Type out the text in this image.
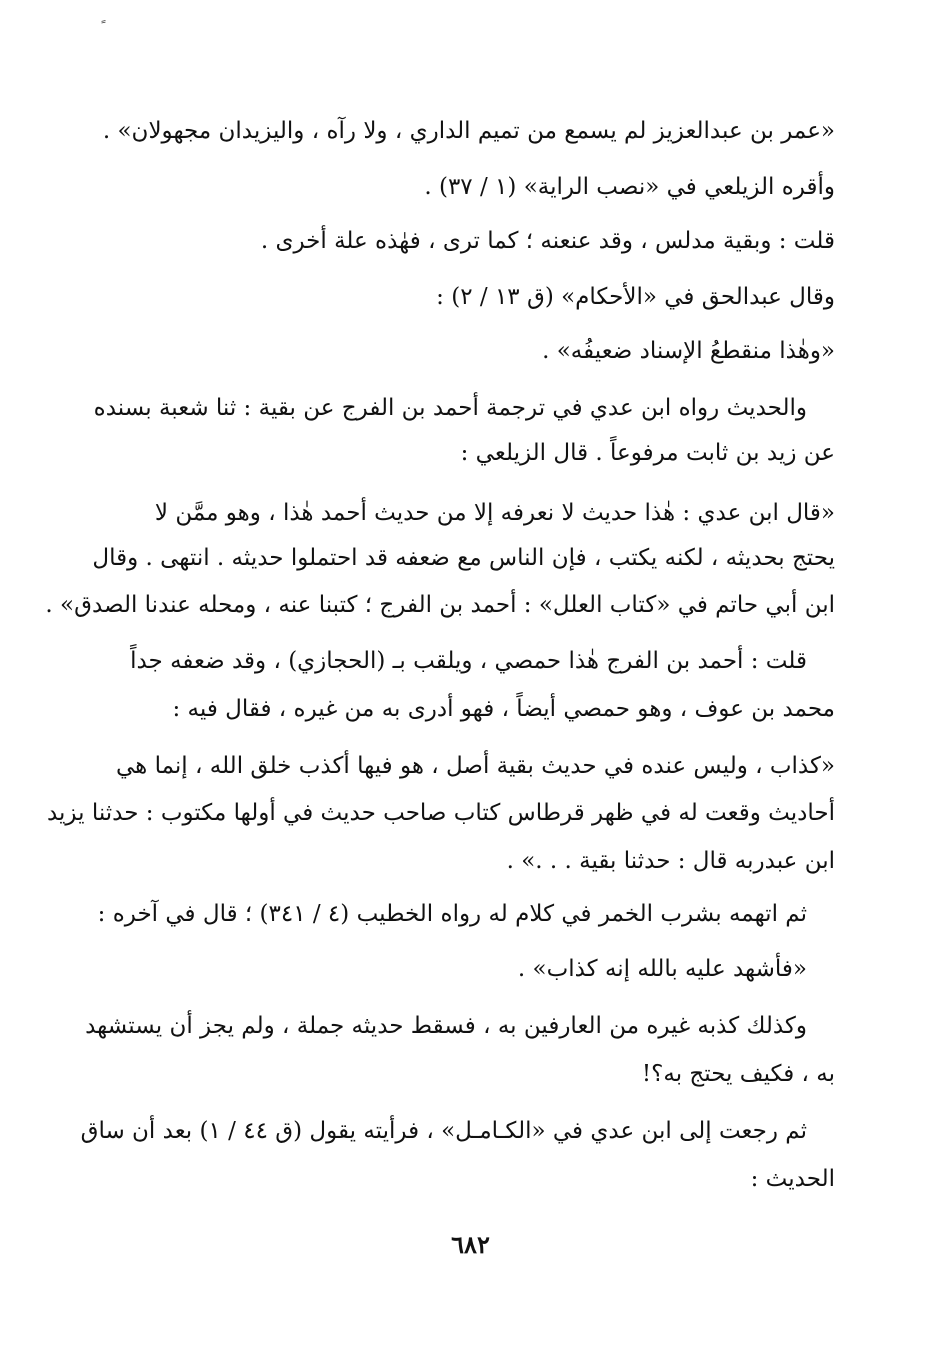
«عمر بن عبدالعزيز لم يسمع من تميم الداري ، ولا رآه ، واليزيدان مجهولان» .
وأقره الزيلعي في «نصب الراية» (١ / ٣٧) .
قلت : وبقية مدلس ، وقد عنعنه ؛ كما ترى ، فهٰذه علة أخرى .
وقال عبدالحق في «الأحكام» (ق ١٣ / ٢) :
«وهٰذا منقطعُ الإسناد ضعيفُه» .
والحديث رواه ابن عدي في ترجمة أحمد بن الفرج عن بقية : ثنا شعبة بسنده
عن زيد بن ثابت مرفوعاً . قال الزيلعي :
«قال ابن عدي : هٰذا حديث لا نعرفه إلا من حديث أحمد هٰذا ، وهو ممَّن لا
يحتج بحديثه ، لكنه يكتب ، فإن الناس مع ضعفه قد احتملوا حديثه . انتهى . وقال
ابن أبي حاتم في «كتاب العلل» : أحمد بن الفرج ؛ كتبنا عنه ، ومحله عندنا الصدق» .
قلت : أحمد بن الفرج هٰذا حمصي ، ويلقب بـ (الحجازي) ، وقد ضعفه جداً
محمد بن عوف ، وهو حمصي أيضاً ، فهو أدرى به من غيره ، فقال فيه :
«كذاب ، وليس عنده في حديث بقية أصل ، هو فيها أكذب خلق الله ، إنما هي
أحاديث وقعت له في ظهر قرطاس كتاب صاحب حديث في أولها مكتوب : حدثنا يزيد
ابن عبدربه قال : حدثنا بقية . . .» .
ثم اتهمه بشرب الخمر في كلام له رواه الخطيب (٤ / ٣٤١) ؛ قال في آخره :
«فأشهد عليه بالله إنه كذاب» .
وكذلك كذبه غيره من العارفين به ، فسقط حديثه جملة ، ولم يجز أن يستشهد
به ، فكيف يحتج به؟!
ثم رجعت إلى ابن عدي في «الكـامـل» ، فرأيته يقول (ق ٤٤ / ١) بعد أن ساق
الحديث :
٦٨٢
